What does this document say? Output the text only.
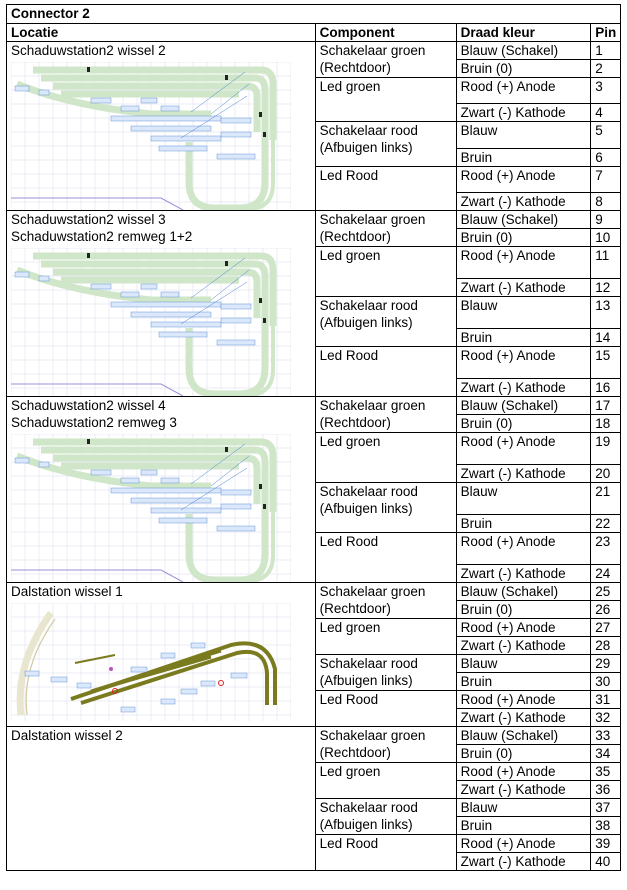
Connector 2			
Locatie	Component	Draad kleur	Pin

Schaduwstation2 wissel 2	Schakelaar groen (Rechtdoor)	Blauw (Schakel)	1
		Bruin (0)	2
	Led groen	Rood (+) Anode	3
		Zwart (-) Kathode	4
	Schakelaar rood (Afbuigen links)	Blauw	5
		Bruin	6
	Led Rood	Rood (+) Anode	7
		Zwart (-) Kathode	8

Schaduwstation2 wissel 3
Schaduwstation2 remweg 1+2	Schakelaar groen (Rechtdoor)	Blauw (Schakel)	9
		Bruin (0)	10
	Led groen	Rood (+) Anode	11
		Zwart (-) Kathode	12
	Schakelaar rood (Afbuigen links)	Blauw	13
		Bruin	14
	Led Rood	Rood (+) Anode	15
		Zwart (-) Kathode	16

Schaduwstation2 wissel 4
Schaduwstation2 remweg 3	Schakelaar groen (Rechtdoor)	Blauw (Schakel)	17
		Bruin (0)	18
	Led groen	Rood (+) Anode	19
		Zwart (-) Kathode	20
	Schakelaar rood (Afbuigen links)	Blauw	21
		Bruin	22
	Led Rood	Rood (+) Anode	23
		Zwart (-) Kathode	24

Dalstation wissel 1	Schakelaar groen (Rechtdoor)	Blauw (Schakel)	25
		Bruin (0)	26
	Led groen	Rood (+) Anode	27
		Zwart (-) Kathode	28
	Schakelaar rood (Afbuigen links)	Blauw	29
		Bruin	30
	Led Rood	Rood (+) Anode	31
		Zwart (-) Kathode	32

Dalstation wissel 2	Schakelaar groen (Rechtdoor)	Blauw (Schakel)	33
		Bruin (0)	34
	Led groen	Rood (+) Anode	35
		Zwart (-) Kathode	36
	Schakelaar rood (Afbuigen links)	Blauw	37
		Bruin	38
	Led Rood	Rood (+) Anode	39
		Zwart (-) Kathode	40
